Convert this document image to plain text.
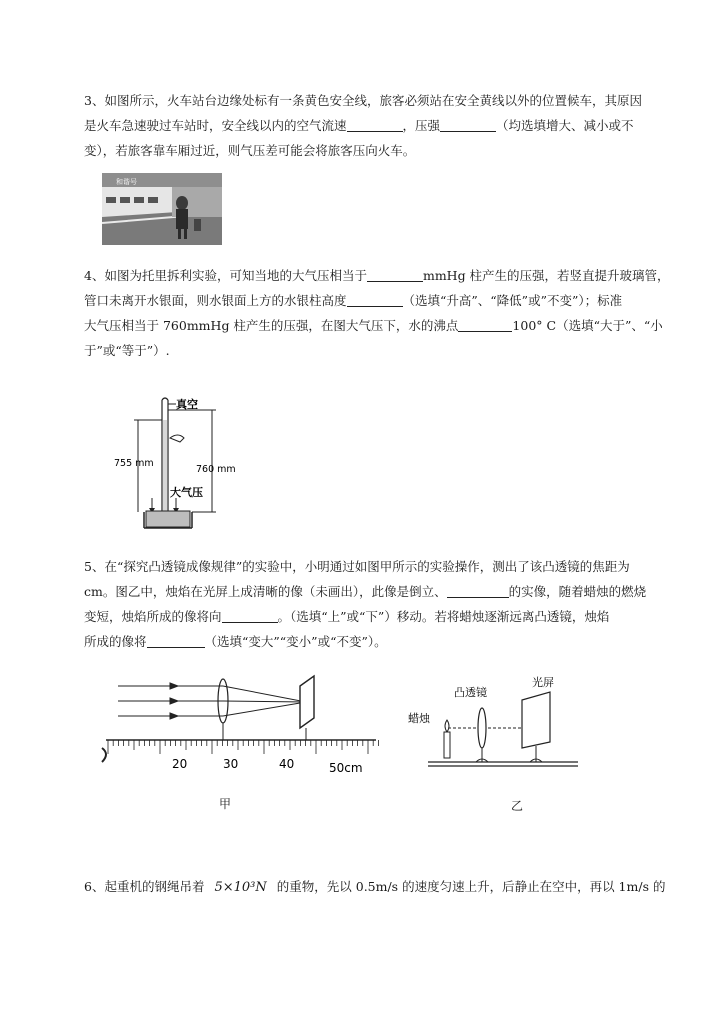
3、如图所示，火车站台边缘处标有一条黄色安全线，旅客必须站在安全黄线以外的位置候车，其原因

是火车急速驶过车站时，安全线以内的空气流速	，压强	（均选填增大、减小或不

变），若旅客靠车厢过近，则气压差可能会将旅客压向火车。

和谐号

4、如图为托里拆利实验，可知当地的大气压相当于	mmHg 柱产生的压强，若竖直提升玻璃管，

管口未离开水银面，则水银面上方的水银柱高度	（选填“升高”、“降低”或”不变”）；标准

大气压相当于 760mmHg 柱产生的压强，在图大气压下，水的沸点	100° C（选填“大于”、“小

于”或“等于”）.

真空
755 mm
760 mm
大气压

5、在“探究凸透镜成像规律”的实验中，小明通过如图甲所示的实验操作，测出了该凸透镜的焦距为

cm。图乙中，烛焰在光屏上成清晰的像（未画出），此像是倒立、	的实像，随着蜡烛的燃烧

变短，烛焰所成的像将向	。（选填“上”或“下”）移动。若将蜡烛逐渐远离凸透镜，烛焰

所成的像将	（选填“变大”“变小”或“不变”）。

20	30	40	50cm
甲
凸透镜
光屏
蜡烛
乙

6、起重机的钢绳吊着 5×10³N 的重物，先以 0.5m/s 的速度匀速上升，后静止在空中，再以 1m/s 的
